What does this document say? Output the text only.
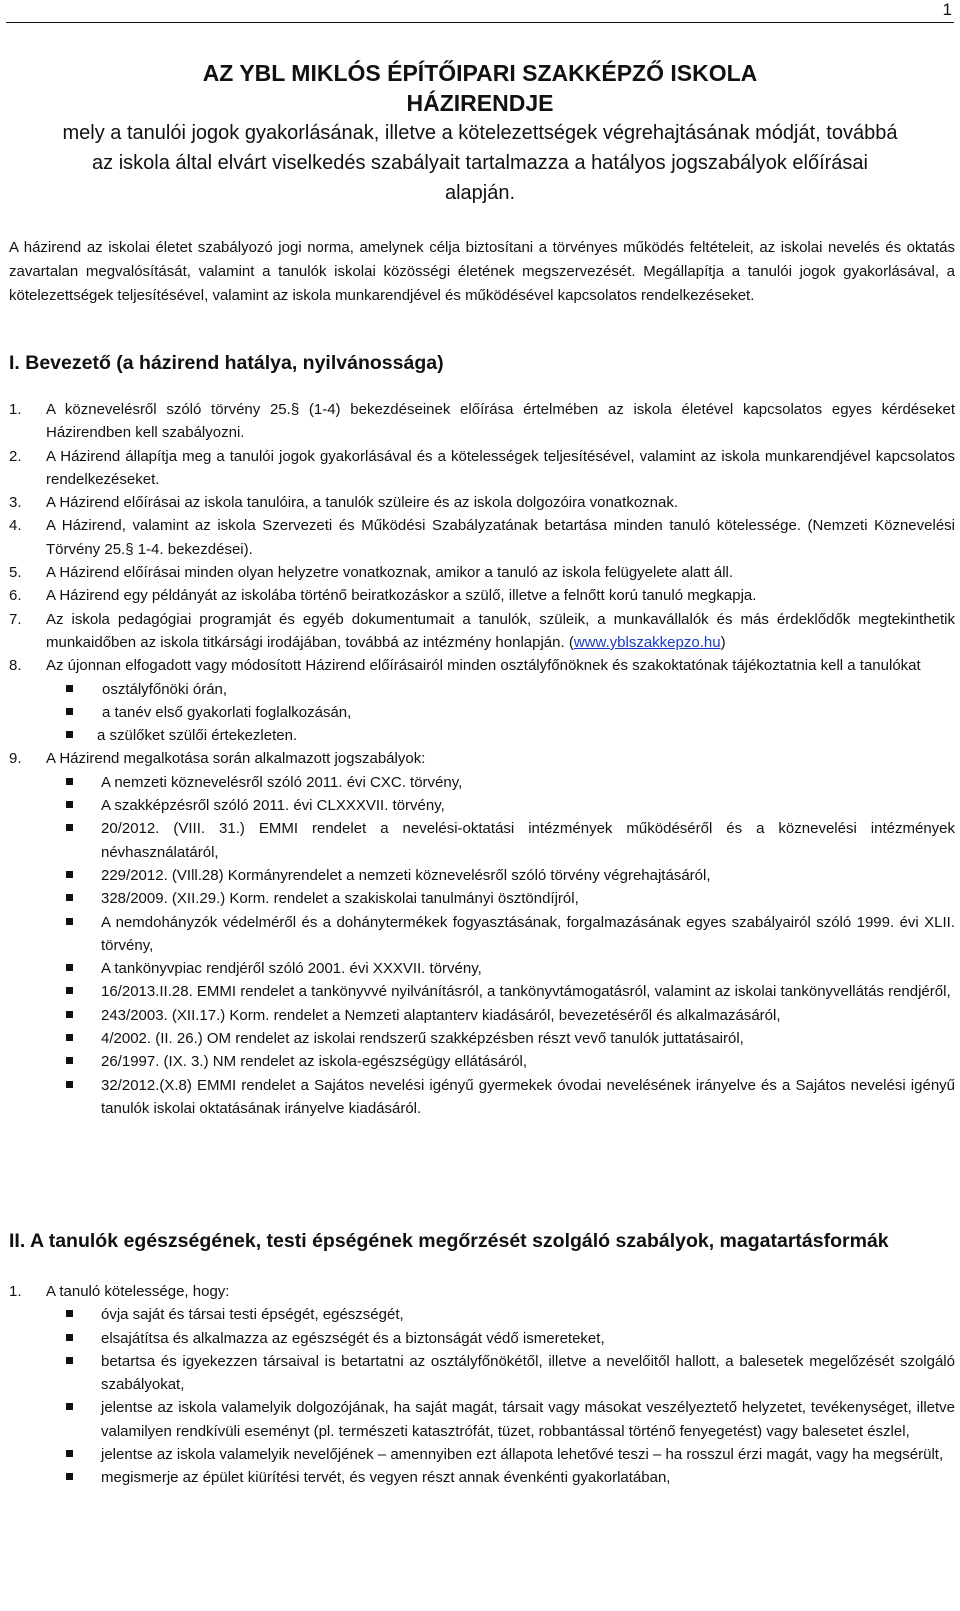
1
AZ YBL MIKLÓS ÉPÍTŐIPARI SZAKKÉPZŐ ISKOLA
HÁZIRENDJE
mely a tanulói jogok gyakorlásának, illetve a kötelezettségek végrehajtásának módját, továbbá az iskola által elvárt viselkedés szabályait tartalmazza a hatályos jogszabályok előírásai alapján.
A házirend az iskolai életet szabályozó jogi norma, amelynek célja biztosítani a törvényes működés feltételeit, az iskolai nevelés és oktatás zavartalan megvalósítását, valamint a tanulók iskolai közösségi életének megszervezését. Megállapítja a tanulói jogok gyakorlásával, a kötelezettségek teljesítésével, valamint az iskola munkarendjével és működésével kapcsolatos rendelkezéseket.
I. Bevezető (a házirend hatálya, nyilvánossága)
1. A köznevelésről szóló törvény 25.§ (1-4) bekezdéseinek előírása értelmében az iskola életével kapcsolatos egyes kérdéseket Házirendben kell szabályozni.
2. A Házirend állapítja meg a tanulói jogok gyakorlásával és a kötelességek teljesítésével, valamint az iskola munkarendjével kapcsolatos rendelkezéseket.
3. A Házirend előírásai az iskola tanulóira, a tanulók szüleire és az iskola dolgozóira vonatkoznak.
4. A Házirend, valamint az iskola Szervezeti és Működési Szabályzatának betartása minden tanuló kötelessége. (Nemzeti Köznevelési Törvény 25.§ 1-4. bekezdései).
5. A Házirend előírásai minden olyan helyzetre vonatkoznak, amikor a tanuló az iskola felügyelete alatt áll.
6. A Házirend egy példányát az iskolába történő beiratkozáskor a szülő, illetve a felnőtt korú tanuló megkapja.
7. Az iskola pedagógiai programját és egyéb dokumentumait a tanulók, szüleik, a munkavállalók és más érdeklődők megtekinthetik munkaidőben az iskola titkársági irodájában, továbbá az intézmény honlapján. (www.yblszakkepzo.hu)
8. Az újonnan elfogadott vagy módosított Házirend előírásairól minden osztályfőnöknek és szakoktatónak tájékoztatnia kell a tanulókat
osztályfőnöki órán,
a tanév első gyakorlati foglalkozásán,
a szülőket szülői értekezleten.
9. A Házirend megalkotása során alkalmazott jogszabályok:
A nemzeti köznevelésről szóló 2011. évi CXC. törvény,
A szakképzésről szóló 2011. évi CLXXXVII. törvény,
20/2012. (VIII. 31.) EMMI rendelet a nevelési-oktatási intézmények működéséről és a köznevelési intézmények névhasználatáról,
229/2012. (VIll.28) Kormányrendelet a nemzeti köznevelésről szóló törvény végrehajtásáról,
328/2009. (XII.29.) Korm. rendelet a szakiskolai tanulmányi ösztöndíjról,
A nemdohányzók védelméről és a dohánytermékek fogyasztásának, forgalmazásának egyes szabályairól szóló 1999. évi XLII. törvény,
A tankönyvpiac rendjéről szóló 2001. évi XXXVII. törvény,
16/2013.II.28. EMMI rendelet a tankönyvvé nyilvánításról, a tankönyvtámogatásról, valamint az iskolai tankönyvellátás rendjéről,
243/2003. (XII.17.) Korm. rendelet a Nemzeti alaptanterv kiadásáról, bevezetéséről és alkalmazásáról,
4/2002. (II. 26.) OM rendelet az iskolai rendszerű szakképzésben részt vevő tanulók juttatásairól,
26/1997. (IX. 3.) NM rendelet az iskola-egészségügy ellátásáról,
32/2012.(X.8) EMMI rendelet a Sajátos nevelési igényű gyermekek óvodai nevelésének irányelve és a Sajátos nevelési igényű tanulók iskolai oktatásának irányelve kiadásáról.
II. A tanulók egészségének, testi épségének megőrzését szolgáló szabályok, magatartásformák
1. A tanuló kötelessége, hogy:
óvja saját és társai testi épségét, egészségét,
elsajátítsa és alkalmazza az egészségét és a biztonságát védő ismereteket,
betartsa és igyekezzen társaival is betartatni az osztályfőnökétől, illetve a nevelőitől hallott, a balesetek megelőzését szolgáló szabályokat,
jelentse az iskola valamelyik dolgozójának, ha saját magát, társait vagy másokat veszélyeztető helyzetet, tevékenységet, illetve valamilyen rendkívüli eseményt (pl. természeti katasztrófát, tüzet, robbantással történő fenyegetést) vagy balesetet észlel,
jelentse az iskola valamelyik nevelőjének – amennyiben ezt állapota lehetővé teszi – ha rosszul érzi magát, vagy ha megsérült,
megismerje az épület kiürítési tervét, és vegyen részt annak évenkénti gyakorlatában,
